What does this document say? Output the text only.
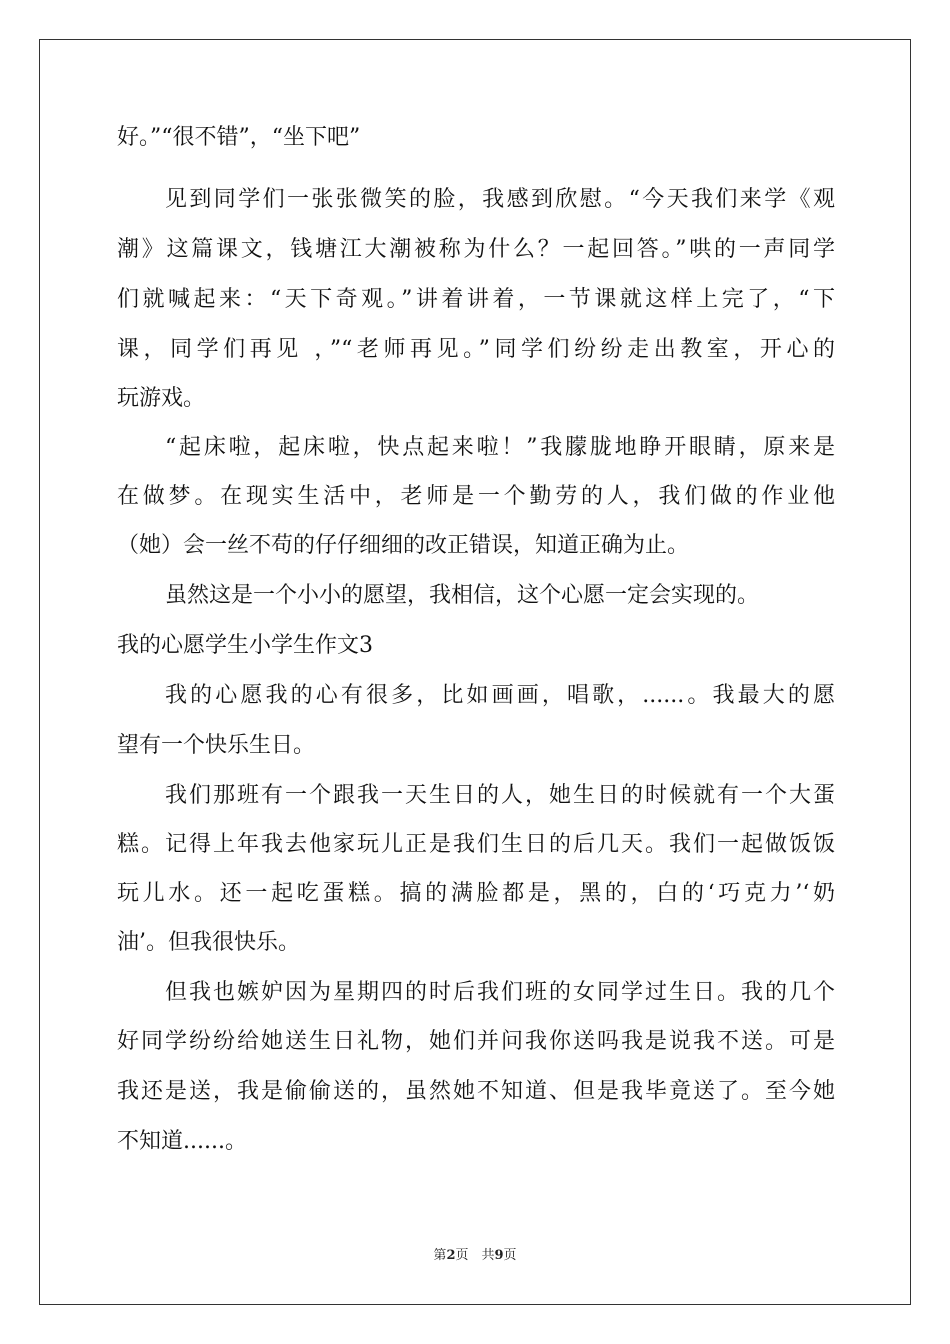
好。”“很不错”，“坐下吧”
见到同学们一张张微笑的脸，我感到欣慰。“今天我们来学《观
潮》这篇课文，钱塘江大潮被称为什么？一起回答。”哄的一声同学
们就喊起来：“天下奇观。”讲着讲着，一节课就这样上完了，“下
课，同学们再见 ，”“老师再见。”同学们纷纷走出教室，开心的
玩游戏。
“起床啦，起床啦，快点起来啦！”我朦胧地睁开眼睛，原来是
在做梦。在现实生活中，老师是一个勤劳的人，我们做的作业他
（她）会一丝不苟的仔仔细细的改正错误，知道正确为止。
虽然这是一个小小的愿望，我相信，这个心愿一定会实现的。
我的心愿学生小学生作文3
我的心愿我的心有很多，比如画画，唱歌，......。我最大的愿
望有一个快乐生日。
我们那班有一个跟我一天生日的人，她生日的时候就有一个大蛋
糕。记得上年我去他家玩儿正是我们生日的后几天。我们一起做饭饭
玩儿水。还一起吃蛋糕。搞的满脸都是，黑的，白的‘巧克力’‘奶
油’。但我很快乐。
但我也嫉妒因为星期四的时后我们班的女同学过生日。我的几个
好同学纷纷给她送生日礼物，她们并问我你送吗我是说我不送。可是
我还是送，我是偷偷送的，虽然她不知道、但是我毕竟送了。至今她
不知道......。
第2页　共9页
